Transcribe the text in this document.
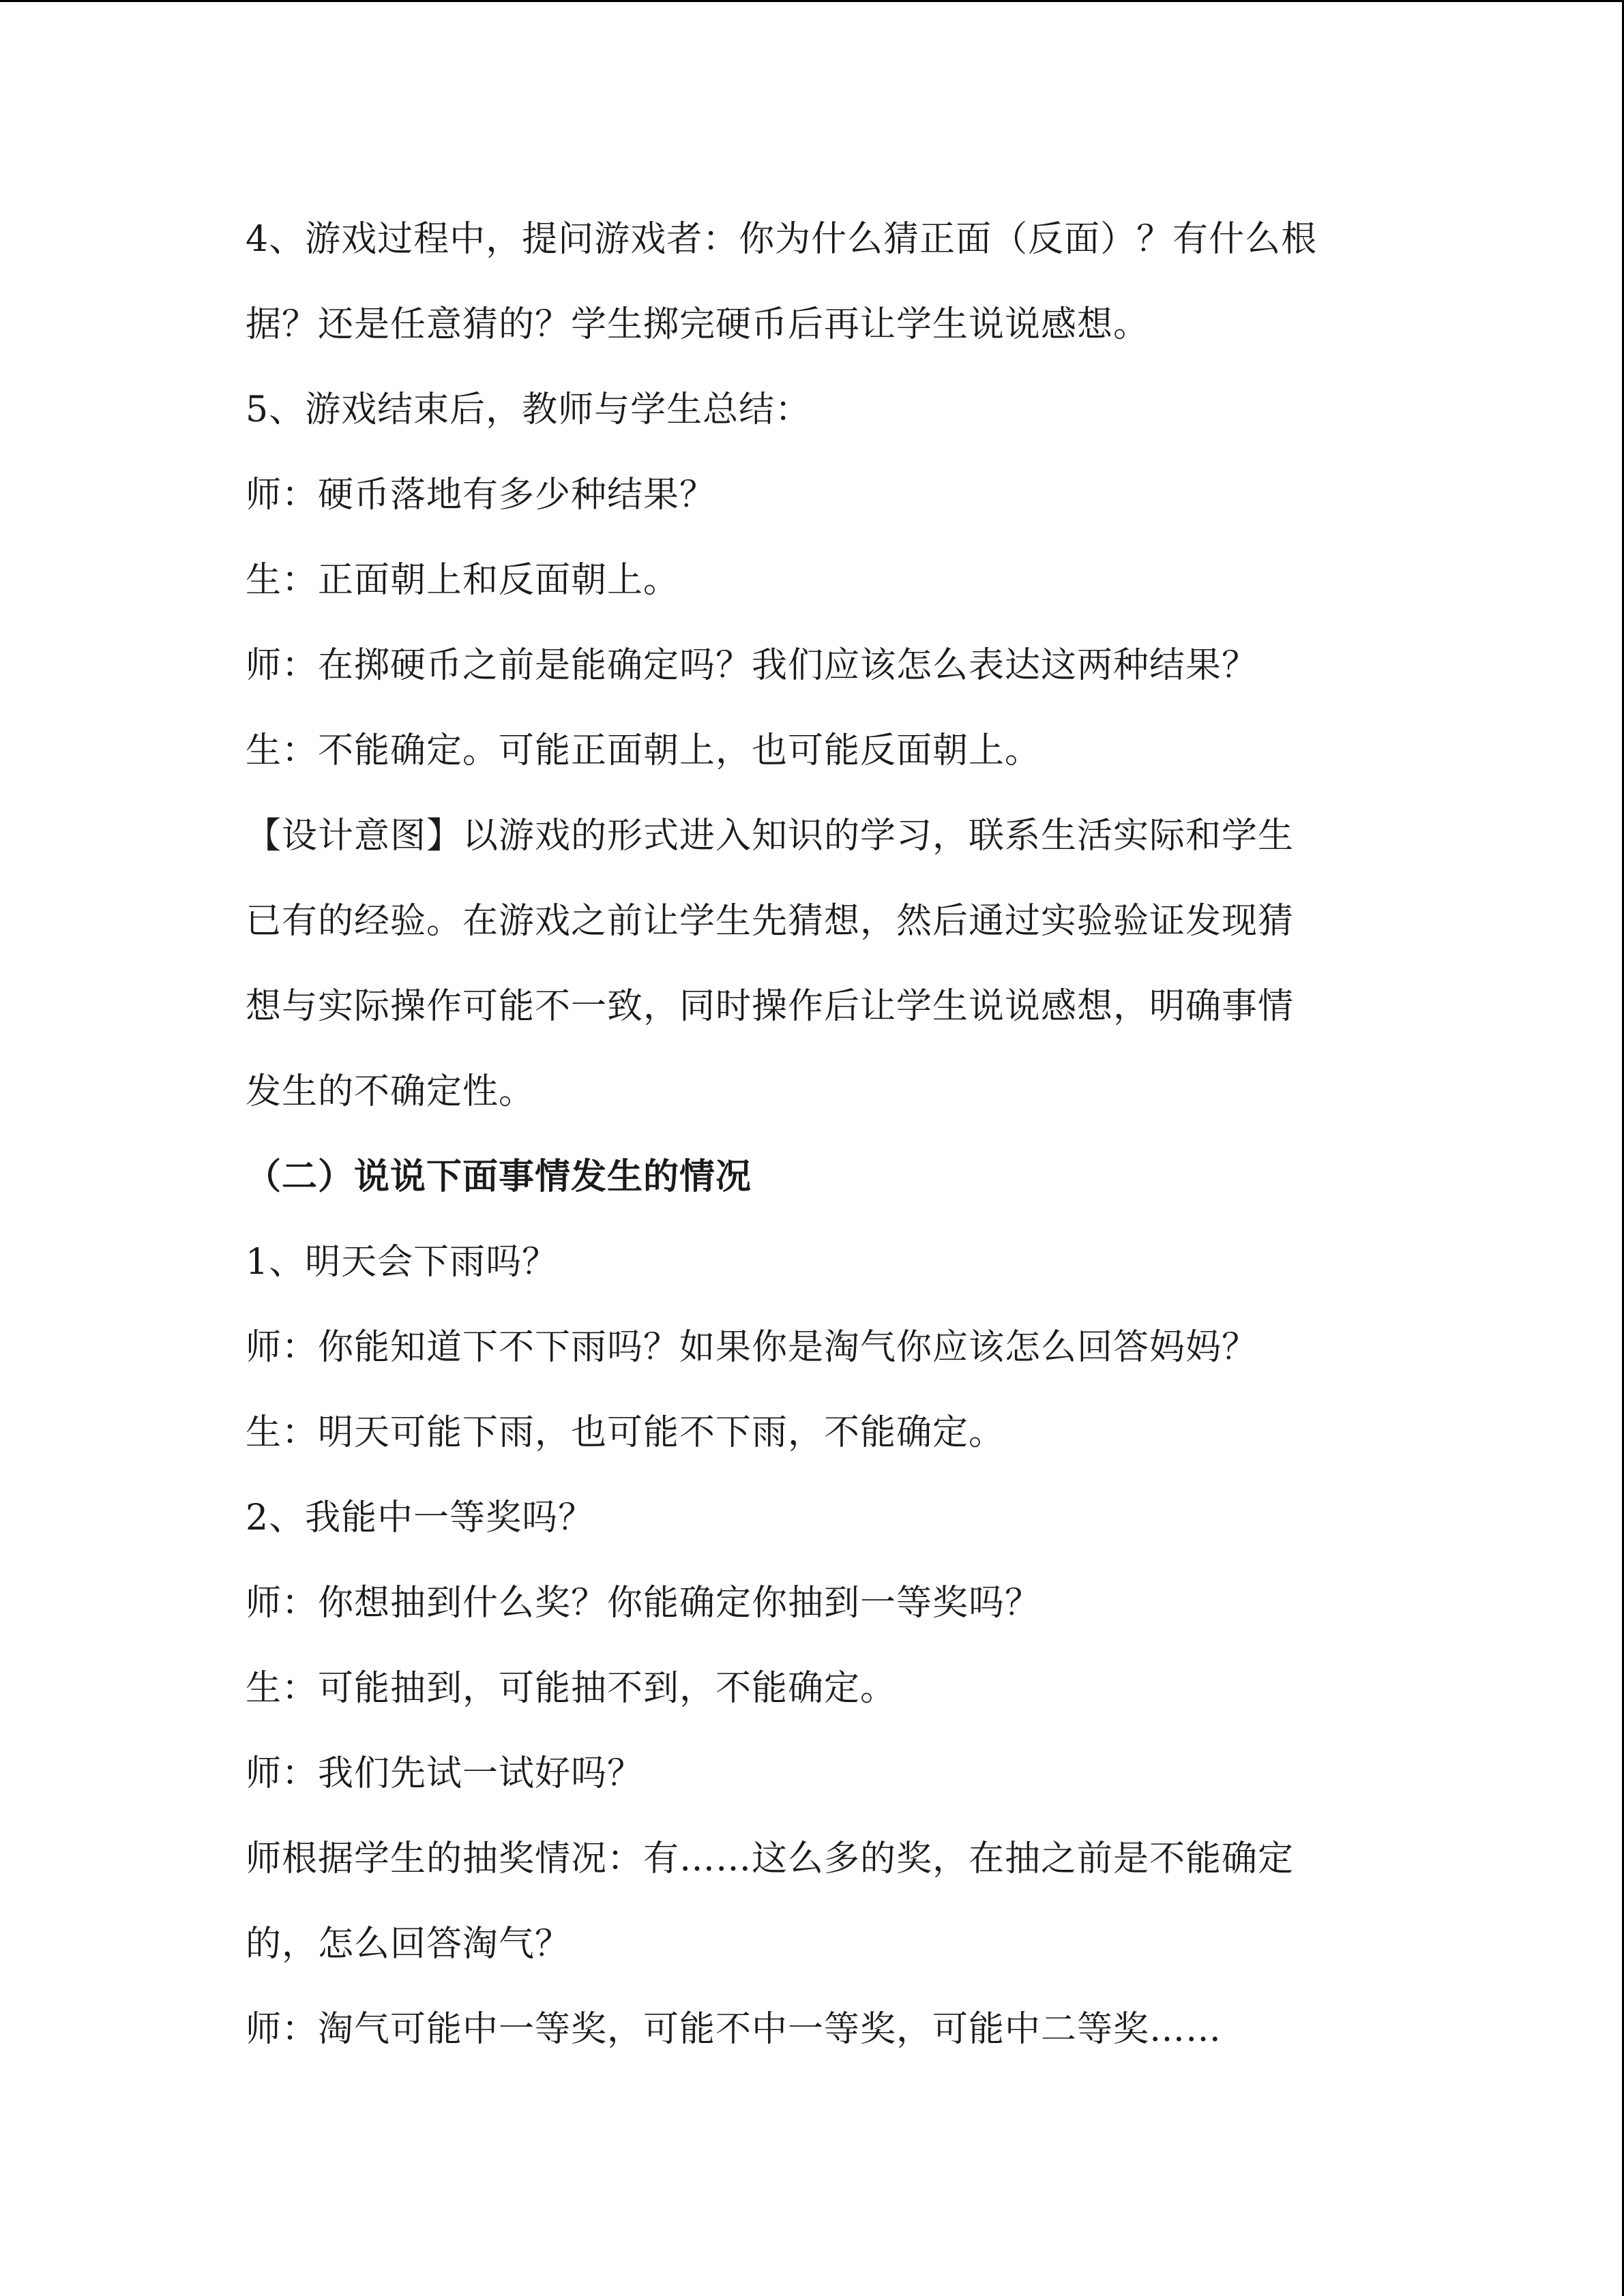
4、游戏过程中，提问游戏者：你为什么猜正面（反面）？有什么根
据？还是任意猜的？学生掷完硬币后再让学生说说感想。
5、游戏结束后，教师与学生总结：
师：硬币落地有多少种结果？
生：正面朝上和反面朝上。
师：在掷硬币之前是能确定吗？我们应该怎么表达这两种结果？
生：不能确定。可能正面朝上，也可能反面朝上。
【设计意图】以游戏的形式进入知识的学习，联系生活实际和学生
已有的经验。在游戏之前让学生先猜想，然后通过实验验证发现猜
想与实际操作可能不一致，同时操作后让学生说说感想，明确事情
发生的不确定性。
（二）说说下面事情发生的情况
1、明天会下雨吗？
师：你能知道下不下雨吗？如果你是淘气你应该怎么回答妈妈？
生：明天可能下雨，也可能不下雨，不能确定。
2、我能中一等奖吗？
师：你想抽到什么奖？你能确定你抽到一等奖吗？
生：可能抽到，可能抽不到，不能确定。
师：我们先试一试好吗？
师根据学生的抽奖情况：有……这么多的奖，在抽之前是不能确定
的，怎么回答淘气？
师：淘气可能中一等奖，可能不中一等奖，可能中二等奖……
